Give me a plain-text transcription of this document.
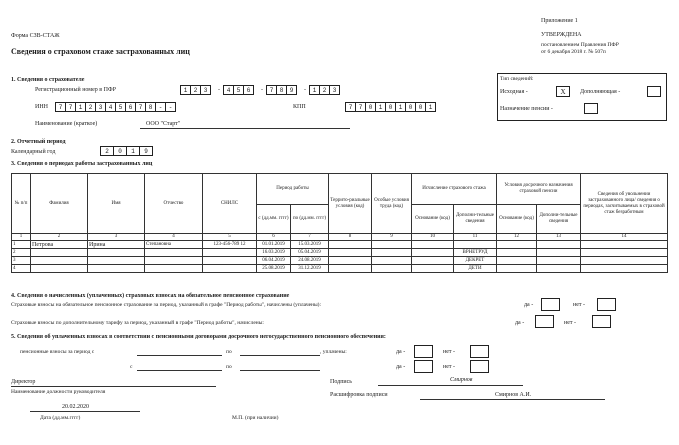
Форма СЗВ-СТАЖ
Сведения о страховом стаже застрахованных лиц
Приложение 1
УТВЕРЖДЕНА
постановлением Правления ПФР
от 6 декабря 2018 г. № 507п
1. Сведения о страхователе
Регистрационный номер в ПФР	1	2	3	-	4	5	6	-	7	8	9	-	1	2	3
ИНН	7	7	1	2	3	4	5	6	7	8	-	-	КПП	7	7	0	1	0	1	0	0	1
Наименование (краткое)	ООО "Старт"
Тип сведений:
Исходная -	X	Дополняющая -
Назначение пенсии -
2. Отчетный период
Календарный год	2	0	1	9
3. Сведения о периодах работы застрахованных лиц
№ п/п	Фамилия	Имя	Отчество	СНИЛС	Период работы		Террито-риальные условия (код)	Особые условия труда (код)	Исчисление страхового стажа		Условия досрочного назначения страховой пенсии		Сведения об увольнении застрахованного лица/ сведения о периодах, засчитываемых в страховой стаж безработным
					с (дд.мм. гггг)	по (дд.мм. гггг)			Основание (код)	Дополни-тельные сведения	Основание (код)	Дополни-тельные сведения	
1	2	3	4	5	6	7	8	9	10	11	12	13	14
1	Петрова	Ирина	Степановна	123-456-789 12	01.01.2019	15.03.2019							
2					16.03.2019	05.04.2019				ВРНЕТРУД			
3					06.04.2019	24.08.2019				ДЕКРЕТ			
4					25.08.2019	31.12.2019				ДЕТИ			
4. Сведения о начисленных (уплаченных) страховых взносах на обязательное пенсионное страхование
Страховые взносы на обязательное пенсионное страхование за период, указанный в графе "Период работы", начислены (уплачены):	да -	нет -
Страховые взносы по дополнительному тарифу за период, указанный в графе "Период работы", начислены:	да -	нет -
5. Сведения об уплаченных взносах в соответствии с пенсионными договорами досрочного негосударственного пенсионного обеспечения:
пенсионные взносы за период с	по	, уплачены:	да -	нет -
с	по	да -	нет -
Директор
Наименование должности руководителя
20.02.2020
Дата (дд.мм.гггг)	М.П. (при наличии)
Подпись	Смирнов
Расшифровка подписи	Смирнов А.И.
